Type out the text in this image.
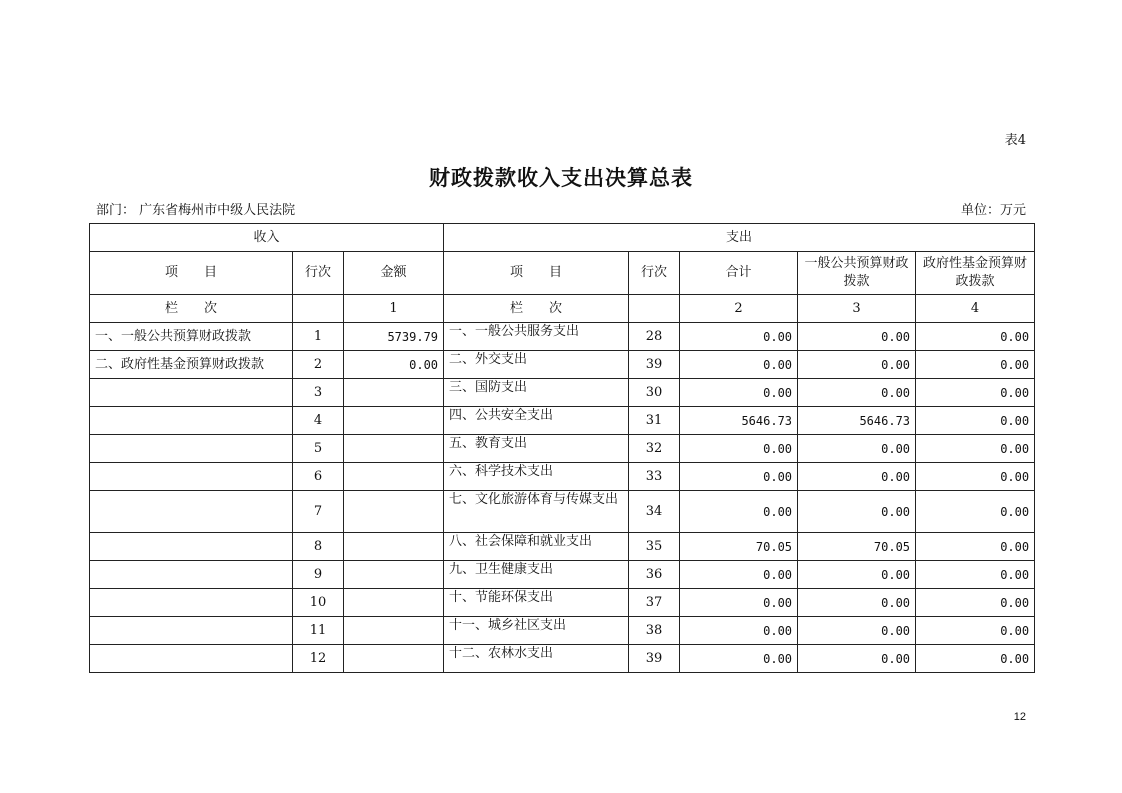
表4
财政拨款收入支出决算总表
部门： 广东省梅州市中级人民法院	单位：万元
收入			支出				
项　　目	行次	金额	项　　目	行次	合计	一般公共预算财政拨款	政府性基金预算财政拨款
栏　　次		1	栏　　次		2	3	4
一、一般公共预算财政拨款	1	5739.79	一、一般公共服务支出	28	0.00	0.00	0.00
二、政府性基金预算财政拨款	2	0.00	二、外交支出	39	0.00	0.00	0.00
	3		三、国防支出	30	0.00	0.00	0.00
	4		四、公共安全支出	31	5646.73	5646.73	0.00
	5		五、教育支出	32	0.00	0.00	0.00
	6		六、科学技术支出	33	0.00	0.00	0.00
	7		七、文化旅游体育与传媒支出	34	0.00	0.00	0.00
	8		八、社会保障和就业支出	35	70.05	70.05	0.00
	9		九、卫生健康支出	36	0.00	0.00	0.00
	10		十、节能环保支出	37	0.00	0.00	0.00
	11		十一、城乡社区支出	38	0.00	0.00	0.00
	12		十二、农林水支出	39	0.00	0.00	0.00
12
